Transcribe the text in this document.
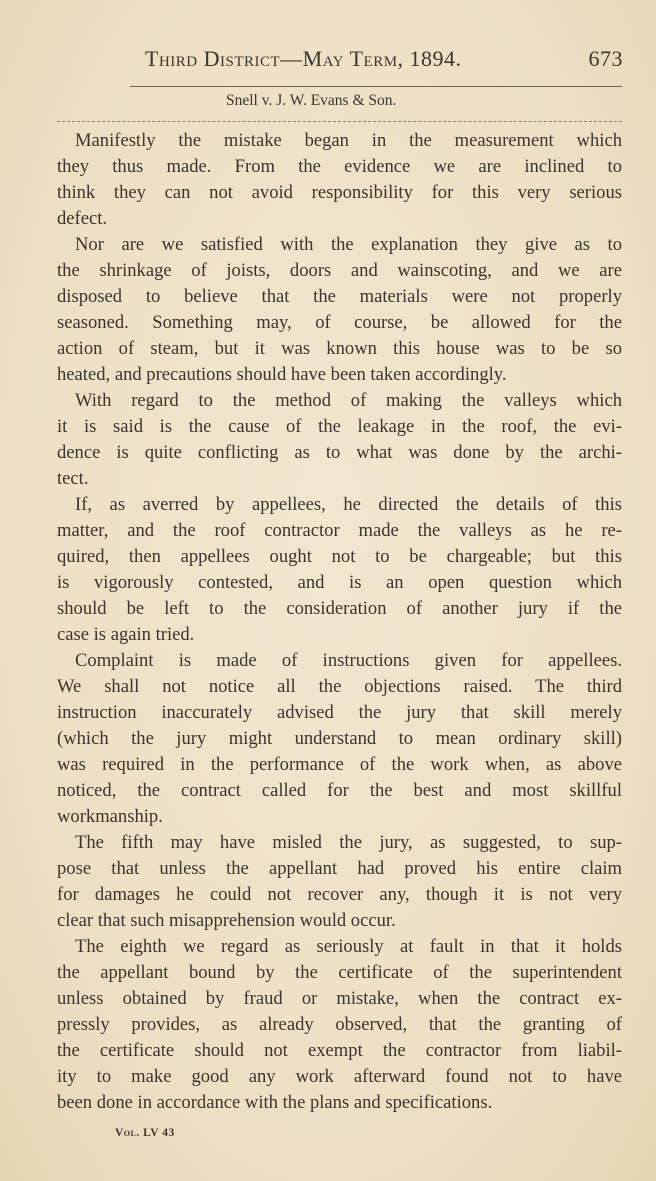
Third District—May Term, 1894.	673
Snell v. J. W. Evans & Son.
Manifestly the mistake began in the measurement which
they thus made. From the evidence we are inclined to
think they can not avoid responsibility for this very serious
defect.
Nor are we satisfied with the explanation they give as to
the shrinkage of joists, doors and wainscoting, and we are
disposed to believe that the materials were not properly
seasoned. Something may, of course, be allowed for the
action of steam, but it was known this house was to be so
heated, and precautions should have been taken accordingly.
With regard to the method of making the valleys which
it is said is the cause of the leakage in the roof, the evi-
dence is quite conflicting as to what was done by the archi-
tect.
If, as averred by appellees, he directed the details of this
matter, and the roof contractor made the valleys as he re-
quired, then appellees ought not to be chargeable; but this
is vigorously contested, and is an open question which
should be left to the consideration of another jury if the
case is again tried.
Complaint is made of instructions given for appellees.
We shall not notice all the objections raised. The third
instruction inaccurately advised the jury that skill merely
(which the jury might understand to mean ordinary skill)
was required in the performance of the work when, as above
noticed, the contract called for the best and most skillful
workmanship.
The fifth may have misled the jury, as suggested, to sup-
pose that unless the appellant had proved his entire claim
for damages he could not recover any, though it is not very
clear that such misapprehension would occur.
The eighth we regard as seriously at fault in that it holds
the appellant bound by the certificate of the superintendent
unless obtained by fraud or mistake, when the contract ex-
pressly provides, as already observed, that the granting of
the certificate should not exempt the contractor from liabil-
ity to make good any work afterward found not to have
been done in accordance with the plans and specifications.
Vol. LV 43
